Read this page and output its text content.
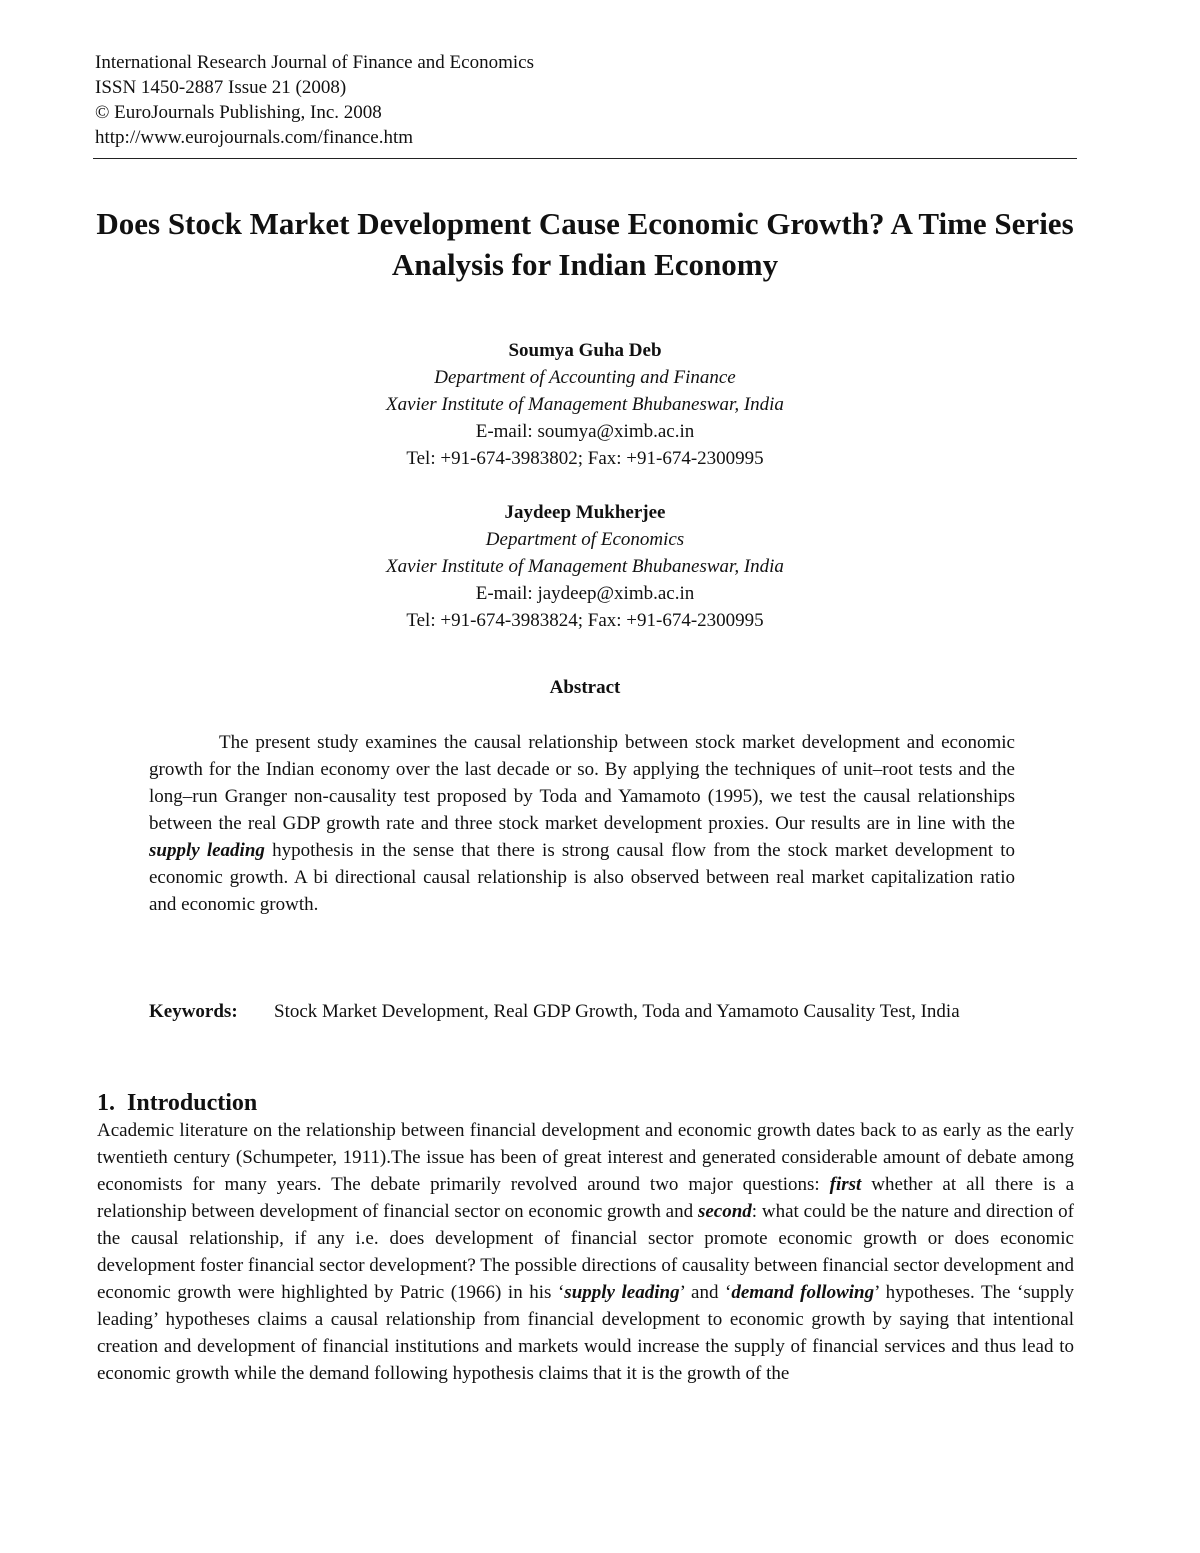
International Research Journal of Finance and Economics
ISSN 1450-2887 Issue 21 (2008)
© EuroJournals Publishing, Inc. 2008
http://www.eurojournals.com/finance.htm
Does Stock Market Development Cause Economic Growth? A Time Series Analysis for Indian Economy
Soumya Guha Deb
Department of Accounting and Finance
Xavier Institute of Management Bhubaneswar, India
E-mail: soumya@ximb.ac.in
Tel: +91-674-3983802; Fax: +91-674-2300995
Jaydeep Mukherjee
Department of Economics
Xavier Institute of Management Bhubaneswar, India
E-mail: jaydeep@ximb.ac.in
Tel: +91-674-3983824; Fax: +91-674-2300995
Abstract

The present study examines the causal relationship between stock market development and economic growth for the Indian economy over the last decade or so. By applying the techniques of unit–root tests and the long–run Granger non-causality test proposed by Toda and Yamamoto (1995), we test the causal relationships between the real GDP growth rate and three stock market development proxies. Our results are in line with the supply leading hypothesis in the sense that there is strong causal flow from the stock market development to economic growth. A bi directional causal relationship is also observed between real market capitalization ratio and economic growth.

Keywords:	Stock Market Development, Real GDP Growth, Toda and Yamamoto Causality Test, India
1. Introduction

Academic literature on the relationship between financial development and economic growth dates back to as early as the early twentieth century (Schumpeter, 1911).The issue has been of great interest and generated considerable amount of debate among economists for many years. The debate primarily revolved around two major questions: first whether at all there is a relationship between development of financial sector on economic growth and second: what could be the nature and direction of the causal relationship, if any i.e. does development of financial sector promote economic growth or does economic development foster financial sector development? The possible directions of causality between financial sector development and economic growth were highlighted by Patric (1966) in his ‘supply leading’ and ‘demand following’ hypotheses. The ‘supply leading’ hypotheses claims a causal relationship from financial development to economic growth by saying that intentional creation and development of financial institutions and markets would increase the supply of financial services and thus lead to economic growth while the demand following hypothesis claims that it is the growth of the
